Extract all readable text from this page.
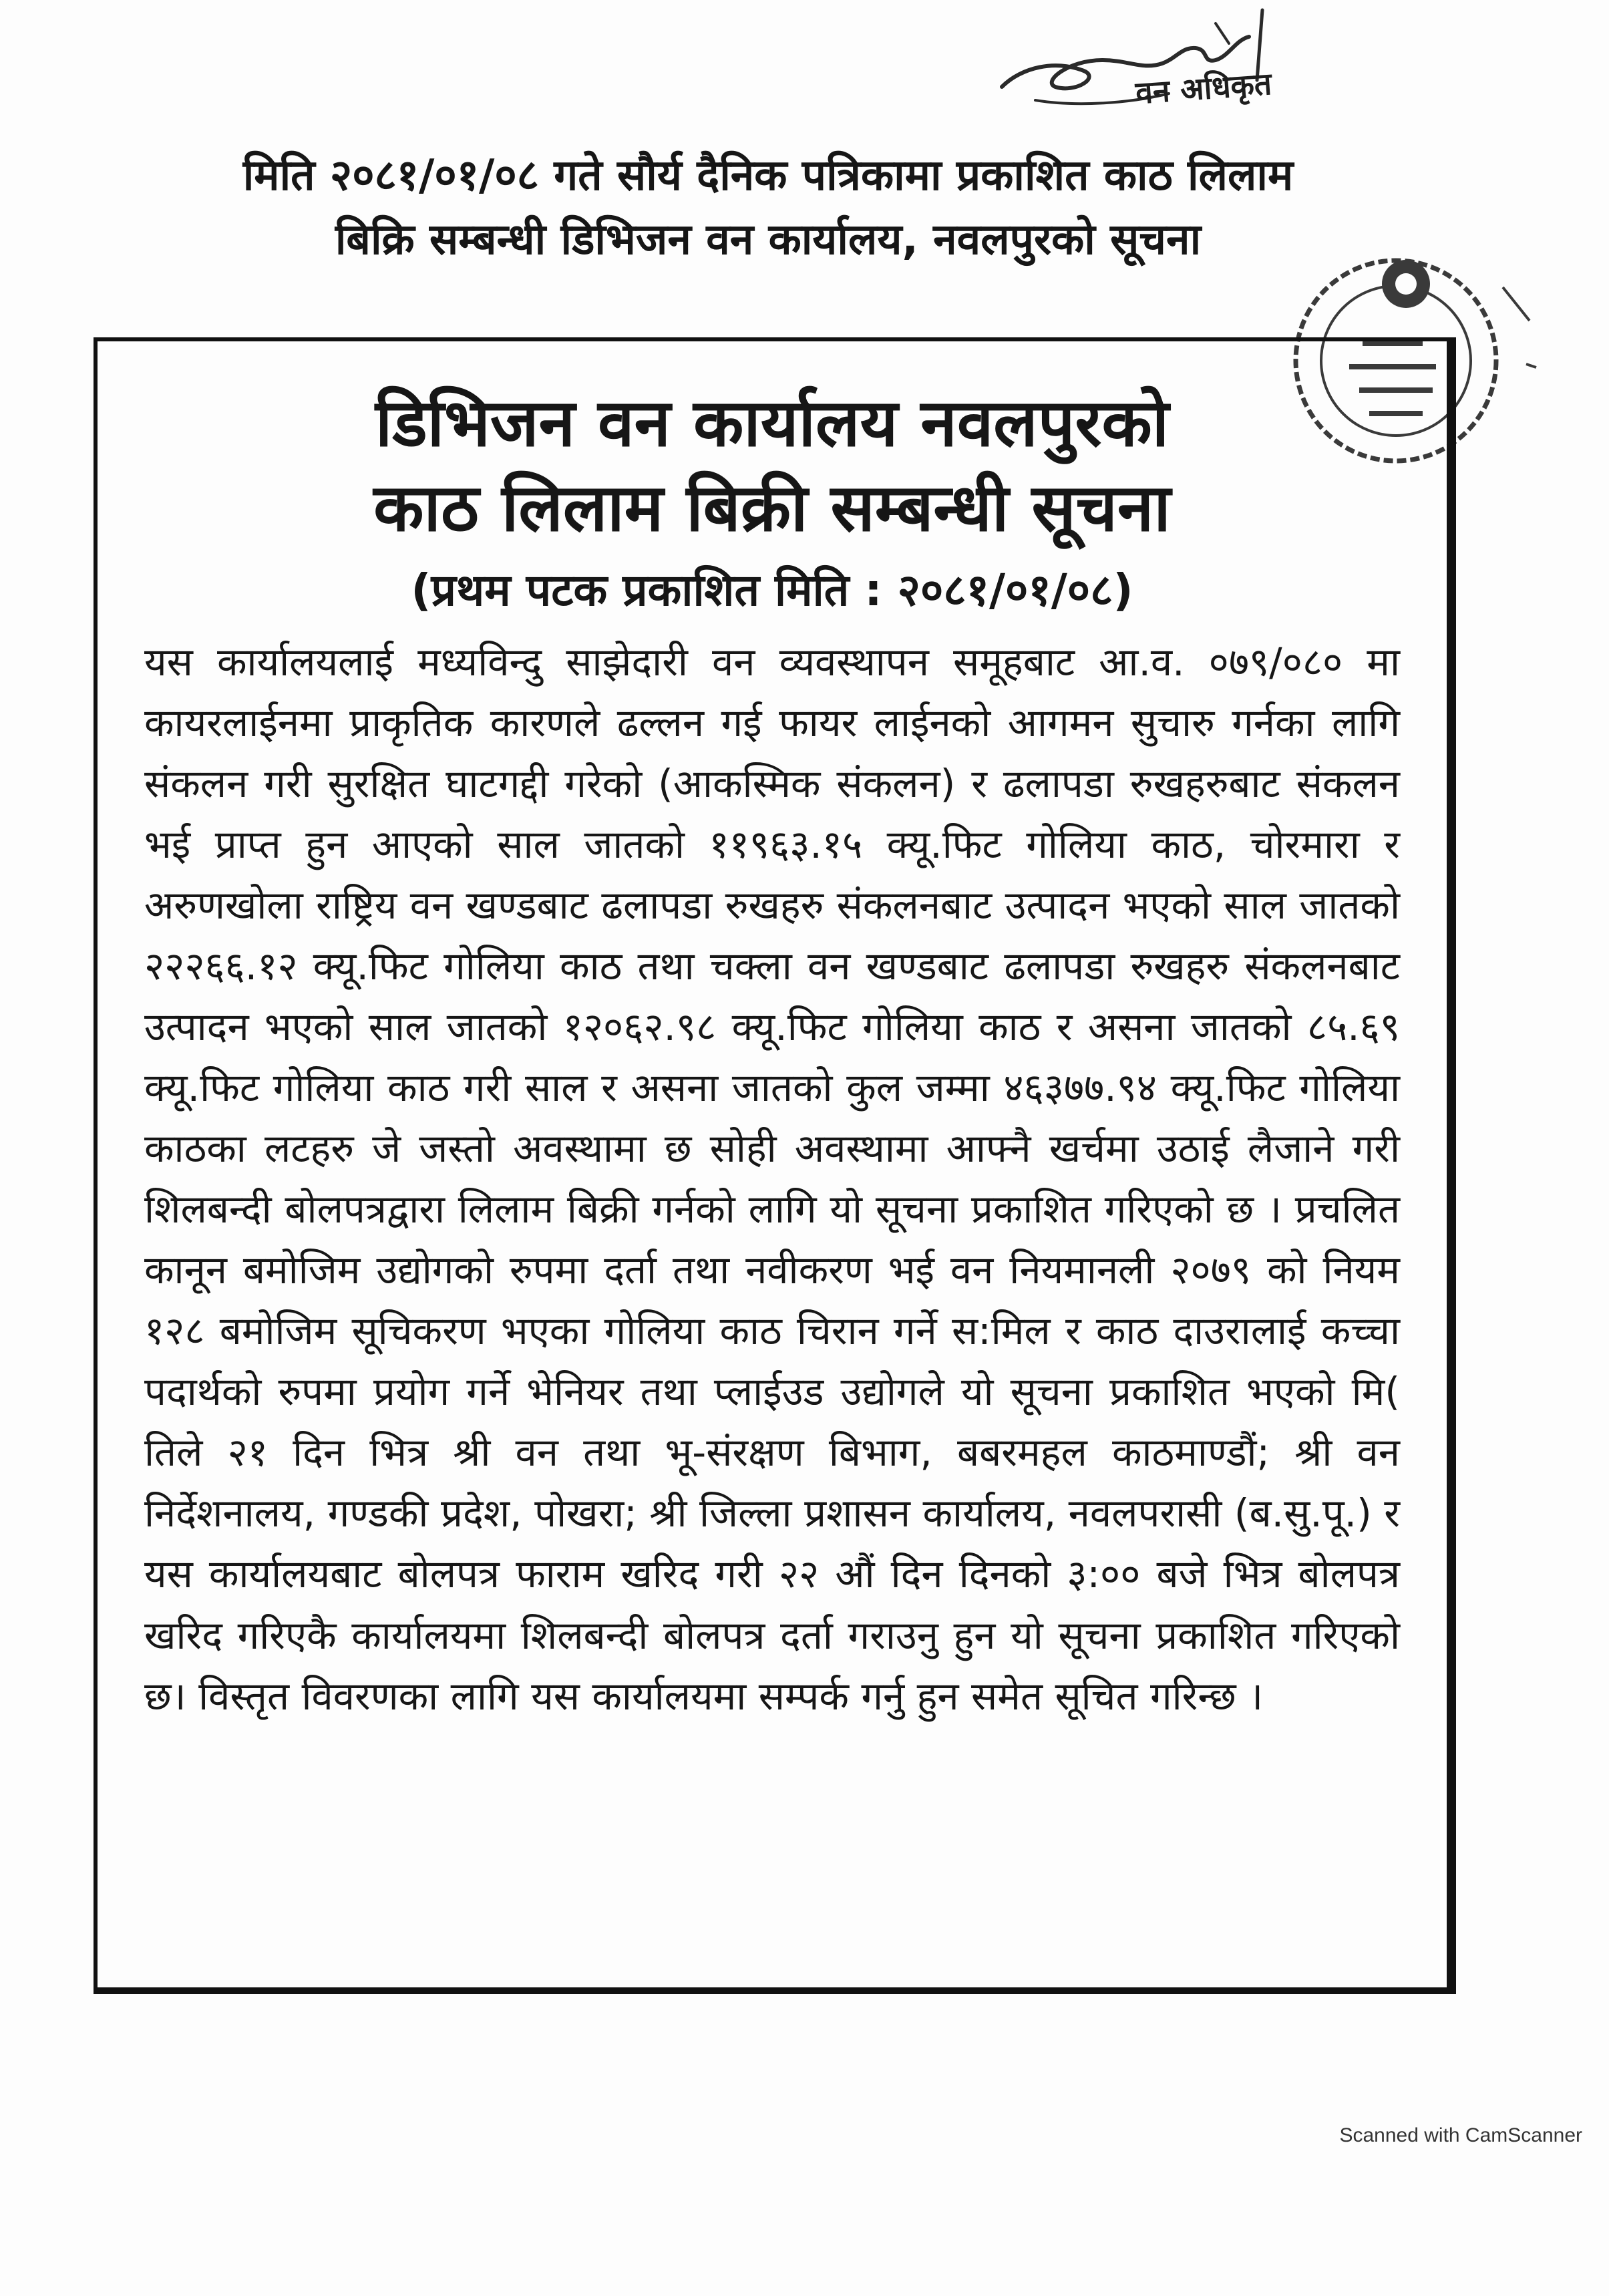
वन अधिकृत

मिति २०८१/०१/०८ गते सौर्य दैनिक पत्रिकामा प्रकाशित काठ लिलाम

बिक्रि सम्बन्धी डिभिजन वन कार्यालय, नवलपुरको सूचना

डिभिजन वन कार्यालय नवलपुरको
काठ लिलाम बिक्री सम्बन्धी सूचना
(प्रथम पटक प्रकाशित मिति : २०८१/०१/०८)

यस कार्यालयलाई मध्यविन्दु साझेदारी वन व्यवस्थापन समूहबाट आ.व. ०७९/०८० मा कायरलाईनमा प्राकृतिक कारणले ढल्लन गई फायर लाईनको आगमन सुचारु गर्नका लागि संकलन गरी सुरक्षित घाटगद्दी गरेको (आकस्मिक संकलन) र ढलापडा रुखहरुबाट संकलन भई प्राप्त हुन आएको साल जातको ११९६३.१५ क्यू.फिट गोलिया काठ, चोरमारा र अरुणखोला राष्ट्रिय वन खण्डबाट ढलापडा रुखहरु संकलनबाट उत्पादन भएको साल जातको २२२६६.१२ क्यू.फिट गोलिया काठ तथा चक्ला वन खण्डबाट ढलापडा रुखहरु संकलनबाट उत्पादन भएको साल जातको १२०६२.९८ क्यू.फिट गोलिया काठ र असना जातको ८५.६९ क्यू.फिट गोलिया काठ गरी साल र असना जातको कुल जम्मा ४६३७७.९४ क्यू.फिट गोलिया काठका लटहरु जे जस्तो अवस्थामा छ सोही अवस्थामा आफ्नै खर्चमा उठाई लैजाने गरी शिलबन्दी बोलपत्रद्वारा लिलाम बिक्री गर्नको लागि यो सूचना प्रकाशित गरिएको छ । प्रचलित कानून बमोजिम उद्योगको रुपमा दर्ता तथा नवीकरण भई वन नियमानली २०७९ को नियम १२८ बमोजिम सूचिकरण भएका गोलिया काठ चिरान गर्ने स:मिल र काठ दाउरालाई कच्चा पदार्थको रुपमा प्रयोग गर्ने भेनियर तथा प्लाईउड उद्योगले यो सूचना प्रकाशित भएको मि( तिले २१ दिन भित्र श्री वन तथा भू-संरक्षण बिभाग, बबरमहल काठमाण्डौं; श्री वन निर्देशनालय, गण्डकी प्रदेश, पोखरा; श्री जिल्ला प्रशासन कार्यालय, नवलपरासी (ब.सु.पू.) र यस कार्यालयबाट बोलपत्र फाराम खरिद गरी २२ औं दिन दिनको ३:०० बजे भित्र बोलपत्र खरिद गरिएकै कार्यालयमा शिलबन्दी बोलपत्र दर्ता गराउनु हुन यो सूचना प्रकाशित गरिएको छ। विस्तृत विवरणका लागि यस कार्यालयमा सम्पर्क गर्नु हुन समेत सूचित गरिन्छ ।

Scanned with CamScanner
